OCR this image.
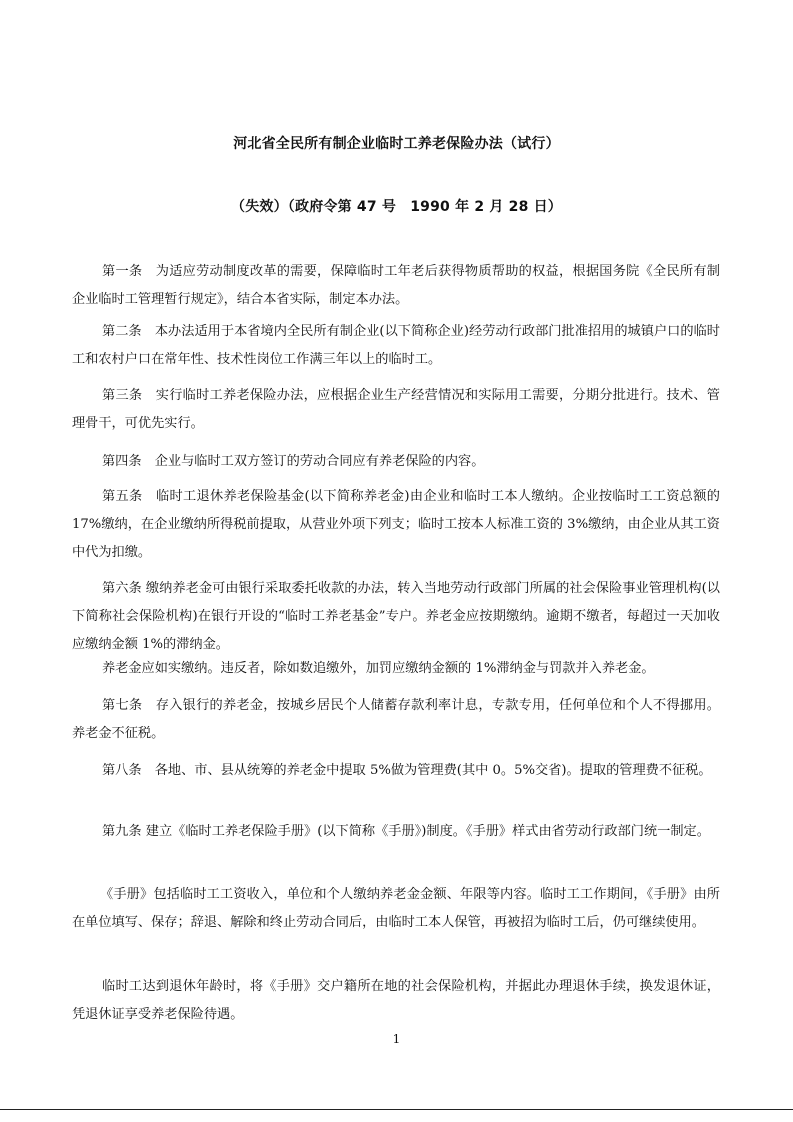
河北省全民所有制企业临时工养老保险办法（试行）
（失效）（政府令第 47 号　1990 年 2 月 28 日）
第一条　为适应劳动制度改革的需要，保障临时工年老后获得物质帮助的权益，根据国务院《全民所有制企业临时工管理暂行规定》，结合本省实际，制定本办法。
第二条　本办法适用于本省境内全民所有制企业(以下简称企业)经劳动行政部门批准招用的城镇户口的临时工和农村户口在常年性、技术性岗位工作满三年以上的临时工。
第三条　实行临时工养老保险办法，应根据企业生产经营情况和实际用工需要，分期分批进行。技术、管理骨干，可优先实行。
第四条　企业与临时工双方签订的劳动合同应有养老保险的内容。
第五条　临时工退休养老保险基金(以下简称养老金)由企业和临时工本人缴纳。企业按临时工工资总额的 17%缴纳，在企业缴纳所得税前提取，从营业外项下列支；临时工按本人标准工资的 3%缴纳，由企业从其工资中代为扣缴。
第六条 缴纳养老金可由银行采取委托收款的办法，转入当地劳动行政部门所属的社会保险事业管理机构(以下简称社会保险机构)在银行开设的“临时工养老基金”专户。养老金应按期缴纳。逾期不缴者，每超过一天加收应缴纳金额 1%的滞纳金。
养老金应如实缴纳。违反者，除如数追缴外，加罚应缴纳金额的 1%滞纳金与罚款并入养老金。
第七条　存入银行的养老金，按城乡居民个人储蓄存款利率计息，专款专用，任何单位和个人不得挪用。养老金不征税。
第八条　各地、市、县从统筹的养老金中提取 5%做为管理费(其中 0。5%交省)。提取的管理费不征税。
第九条 建立《临时工养老保险手册》(以下简称《手册》)制度。《手册》样式由省劳动行政部门统一制定。
《手册》包括临时工工资收入，单位和个人缴纳养老金金额、年限等内容。临时工工作期间，《手册》由所在单位填写、保存；辞退、解除和终止劳动合同后，由临时工本人保管，再被招为临时工后，仍可继续使用。
临时工达到退休年龄时，将《手册》交户籍所在地的社会保险机构，并据此办理退休手续，换发退休证，凭退休证享受养老保险待遇。
1
